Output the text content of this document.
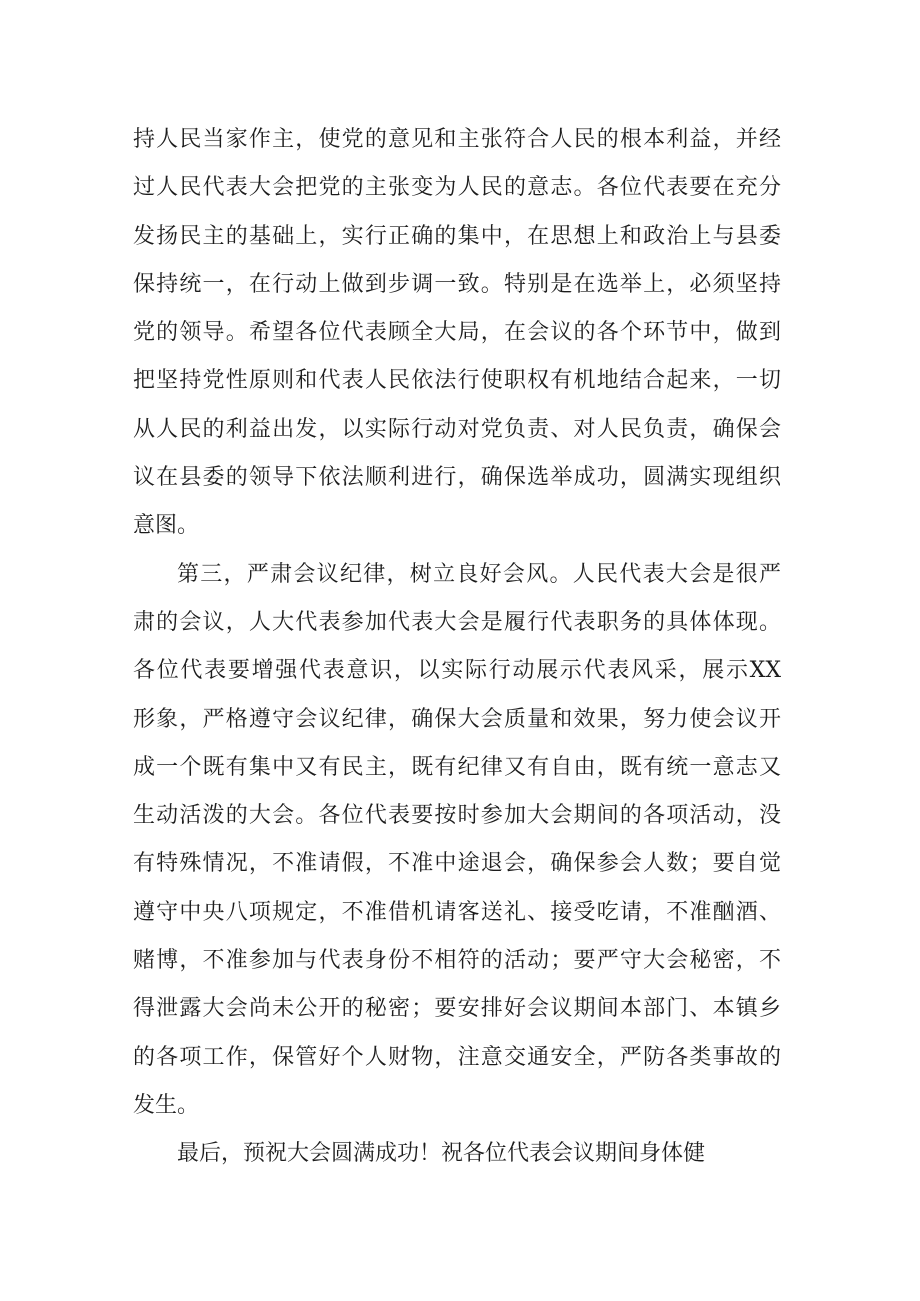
持人民当家作主，使党的意见和主张符合人民的根本利益，并经
过人民代表大会把党的主张变为人民的意志。各位代表要在充分
发扬民主的基础上，实行正确的集中，在思想上和政治上与县委
保持统一，在行动上做到步调一致。特别是在选举上，必须坚持
党的领导。希望各位代表顾全大局，在会议的各个环节中，做到
把坚持党性原则和代表人民依法行使职权有机地结合起来，一切
从人民的利益出发，以实际行动对党负责、对人民负责，确保会
议在县委的领导下依法顺利进行，确保选举成功，圆满实现组织
意图。
第三，严肃会议纪律，树立良好会风。人民代表大会是很严
肃的会议，人大代表参加代表大会是履行代表职务的具体体现。
各位代表要增强代表意识，以实际行动展示代表风采，展示XX
形象，严格遵守会议纪律，确保大会质量和效果，努力使会议开
成一个既有集中又有民主，既有纪律又有自由，既有统一意志又
生动活泼的大会。各位代表要按时参加大会期间的各项活动，没
有特殊情况，不准请假，不准中途退会，确保参会人数；要自觉
遵守中央八项规定，不准借机请客送礼、接受吃请，不准酗酒、
赌博，不准参加与代表身份不相符的活动；要严守大会秘密，不
得泄露大会尚未公开的秘密；要安排好会议期间本部门、本镇乡
的各项工作，保管好个人财物，注意交通安全，严防各类事故的
发生。
最后，预祝大会圆满成功！祝各位代表会议期间身体健
